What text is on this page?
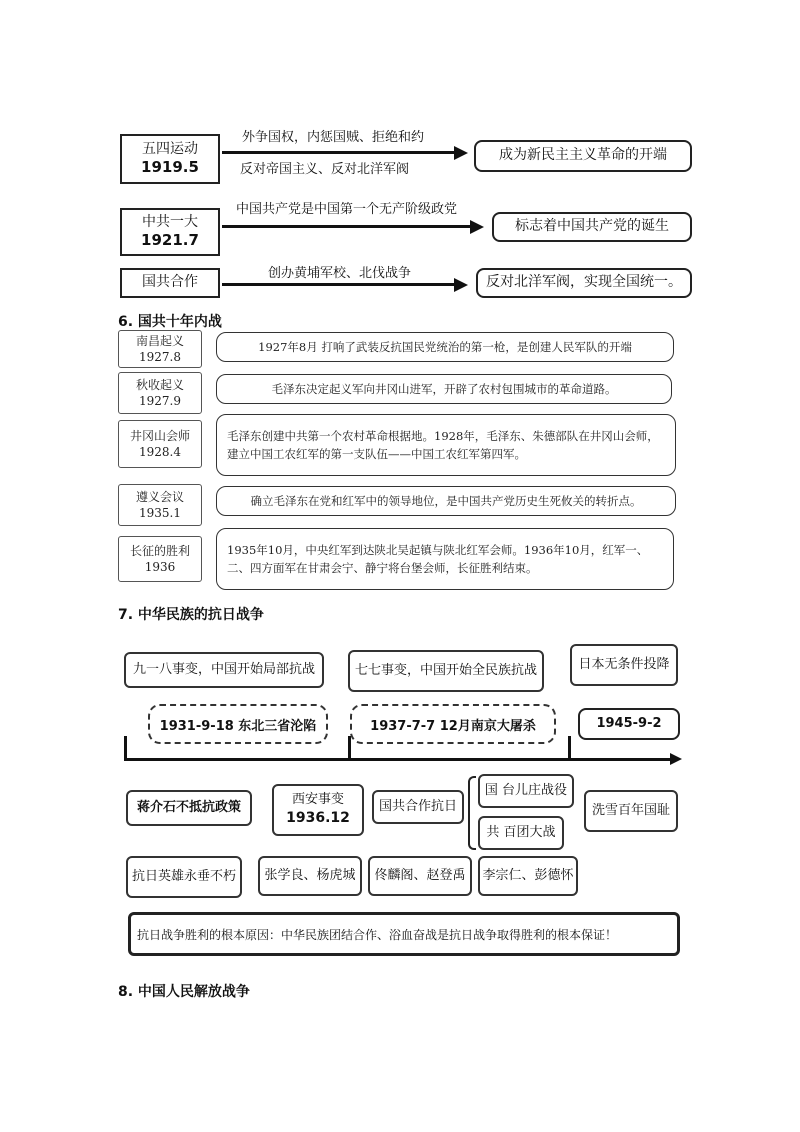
五四运动
1919.5
外争国权，内惩国贼、拒绝和约
反对帝国主义、反对北洋军阀
成为新民主主义革命的开端
中共一大
1921.7
中国共产党是中国第一个无产阶级政党
标志着中国共产党的诞生
国共合作
创办黄埔军校、北伐战争
反对北洋军阀，实现全国统一。
6. 国共十年内战
南昌起义
1927.8
1927年8月 打响了武装反抗国民党统治的第一枪，是创建人民军队的开端
秋收起义
1927.9
毛泽东决定起义军向井冈山进军，开辟了农村包围城市的革命道路。
井冈山会师
1928.4
毛泽东创建中共第一个农村革命根据地。1928年，毛泽东、朱德部队在井冈山会师，建立中国工农红军的第一支队伍——中国工农红军第四军。
遵义会议
1935.1
确立毛泽东在党和红军中的领导地位，是中国共产党历史生死攸关的转折点。
长征的胜利
1936
1935年10月，中央红军到达陕北吴起镇与陕北红军会师。1936年10月，红军一、二、四方面军在甘肃会宁、静宁将台堡会师，长征胜利结束。
7. 中华民族的抗日战争
九一八事变，中国开始局部抗战	七七事变，中国开始全民族抗战	日本无条件投降
1931-9-18 东北三省沦陷	1937-7-7 12月南京大屠杀	1945-9-2
蒋介石不抵抗政策	西安事变
1936.12
国共合作抗日
国 台儿庄战役
共 百团大战
洗雪百年国耻
抗日英雄永垂不朽	张学良、杨虎城	佟麟阁、赵登禹	李宗仁、彭德怀
抗日战争胜利的根本原因：中华民族团结合作、浴血奋战是抗日战争取得胜利的根本保证！
8. 中国人民解放战争
